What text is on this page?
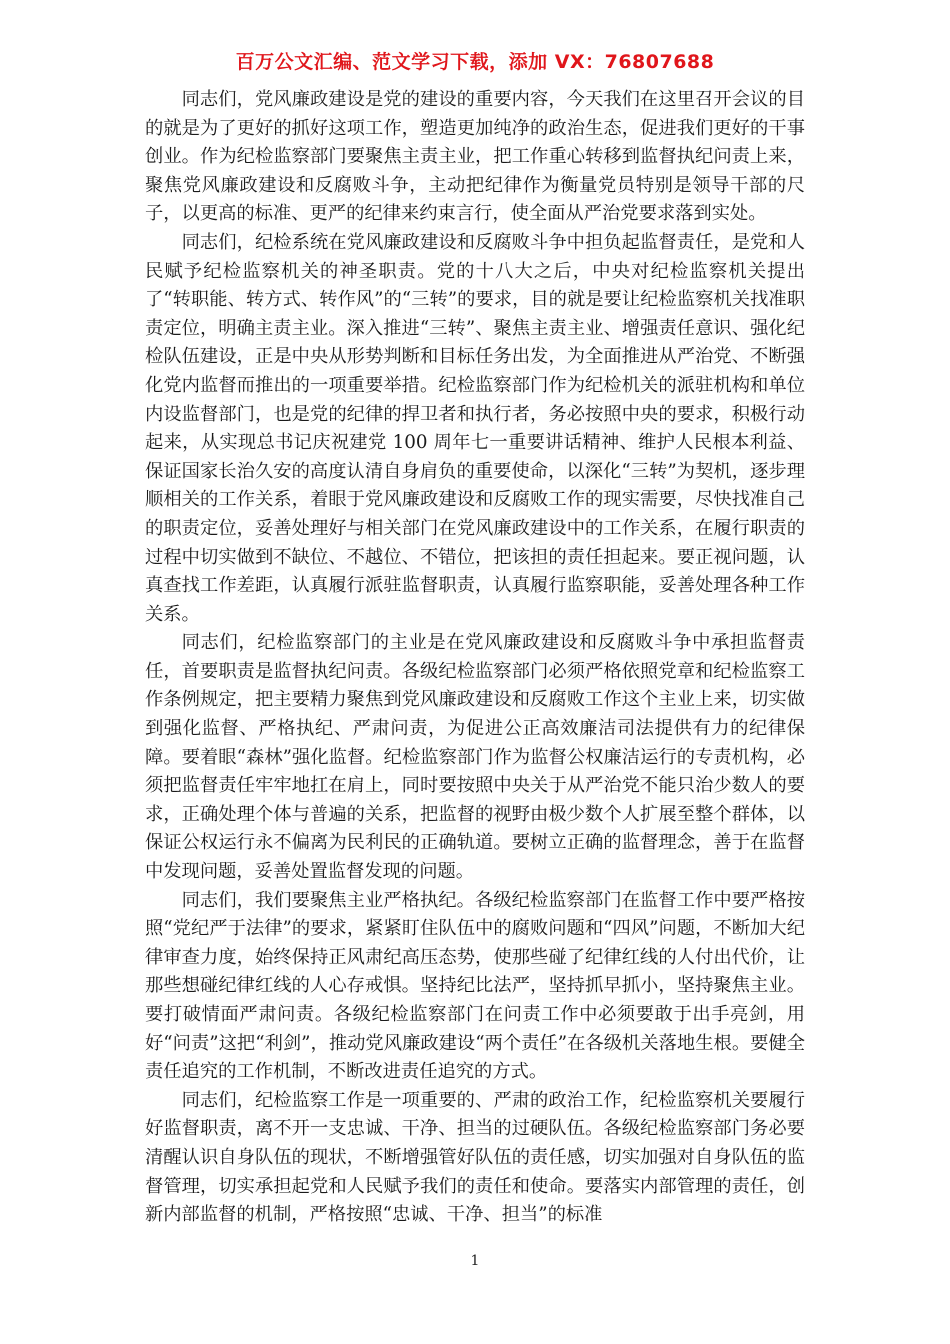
百万公文汇编、范文学习下载，添加 VX：76807688

同志们，党风廉政建设是党的建设的重要内容，今天我们在这里召开会议的目的就是为了更好的抓好这项工作，塑造更加纯净的政治生态，促进我们更好的干事创业。作为纪检监察部门要聚焦主责主业，把工作重心转移到监督执纪问责上来，聚焦党风廉政建设和反腐败斗争，主动把纪律作为衡量党员特别是领导干部的尺子，以更高的标准、更严的纪律来约束言行，使全面从严治党要求落到实处。

同志们，纪检系统在党风廉政建设和反腐败斗争中担负起监督责任，是党和人民赋予纪检监察机关的神圣职责。党的十八大之后，中央对纪检监察机关提出了“转职能、转方式、转作风”的“三转”的要求，目的就是要让纪检监察机关找准职责定位，明确主责主业。深入推进“三转”、聚焦主责主业、增强责任意识、强化纪检队伍建设，正是中央从形势判断和目标任务出发，为全面推进从严治党、不断强化党内监督而推出的一项重要举措。纪检监察部门作为纪检机关的派驻机构和单位内设监督部门，也是党的纪律的捍卫者和执行者，务必按照中央的要求，积极行动起来，从实现总书记庆祝建党 100 周年七一重要讲话精神、维护人民根本利益、保证国家长治久安的高度认清自身肩负的重要使命，以深化“三转”为契机，逐步理顺相关的工作关系，着眼于党风廉政建设和反腐败工作的现实需要，尽快找准自己的职责定位，妥善处理好与相关部门在党风廉政建设中的工作关系，在履行职责的过程中切实做到不缺位、不越位、不错位，把该担的责任担起来。要正视问题，认真查找工作差距，认真履行派驻监督职责，认真履行监察职能，妥善处理各种工作关系。

同志们，纪检监察部门的主业是在党风廉政建设和反腐败斗争中承担监督责任，首要职责是监督执纪问责。各级纪检监察部门必须严格依照党章和纪检监察工作条例规定，把主要精力聚焦到党风廉政建设和反腐败工作这个主业上来，切实做到强化监督、严格执纪、严肃问责，为促进公正高效廉洁司法提供有力的纪律保障。要着眼“森林”强化监督。纪检监察部门作为监督公权廉洁运行的专责机构，必须把监督责任牢牢地扛在肩上，同时要按照中央关于从严治党不能只治少数人的要求，正确处理个体与普遍的关系，把监督的视野由极少数个人扩展至整个群体，以保证公权运行永不偏离为民利民的正确轨道。要树立正确的监督理念，善于在监督中发现问题，妥善处置监督发现的问题。

同志们，我们要聚焦主业严格执纪。各级纪检监察部门在监督工作中要严格按照“党纪严于法律”的要求，紧紧盯住队伍中的腐败问题和“四风”问题，不断加大纪律审查力度，始终保持正风肃纪高压态势，使那些碰了纪律红线的人付出代价，让那些想碰纪律红线的人心存戒惧。坚持纪比法严，坚持抓早抓小，坚持聚焦主业。要打破情面严肃问责。各级纪检监察部门在问责工作中必须要敢于出手亮剑，用好“问责”这把“利剑”，推动党风廉政建设“两个责任”在各级机关落地生根。要健全责任追究的工作机制，不断改进责任追究的方式。

同志们，纪检监察工作是一项重要的、严肃的政治工作，纪检监察机关要履行好监督职责，离不开一支忠诚、干净、担当的过硬队伍。各级纪检监察部门务必要清醒认识自身队伍的现状，不断增强管好队伍的责任感，切实加强对自身队伍的监督管理，切实承担起党和人民赋予我们的责任和使命。要落实内部管理的责任，创新内部监督的机制，严格按照“忠诚、干净、担当”的标准

1
